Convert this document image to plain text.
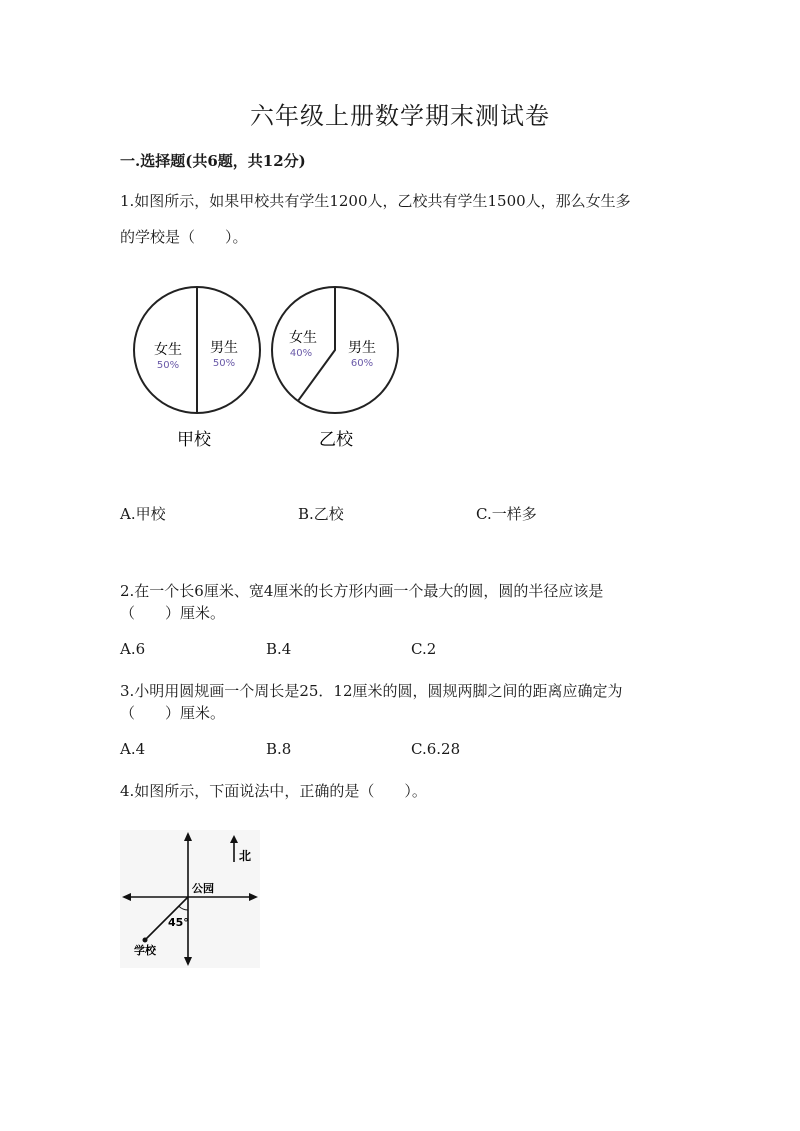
六年级上册数学期末测试卷
一.选择题(共6题，共12分)
1.如图所示，如果甲校共有学生1200人，乙校共有学生1500人，那么女生多
的学校是（　　）。
女生
50%
男生
50%
甲校
女生
40%	男生
60%
乙校
A.甲校	B.乙校	C.一样多
2.在一个长6厘米、宽4厘米的长方形内画一个最大的圆，圆的半径应该是
（　　）厘米。
A.6	B.4	C.2
3.小明用圆规画一个周长是25．12厘米的圆，圆规两脚之间的距离应确定为
（　　）厘米。
A.4	B.8	C.6.28
4.如图所示，下面说法中，正确的是（　　）。
北
公园
45°
学校
